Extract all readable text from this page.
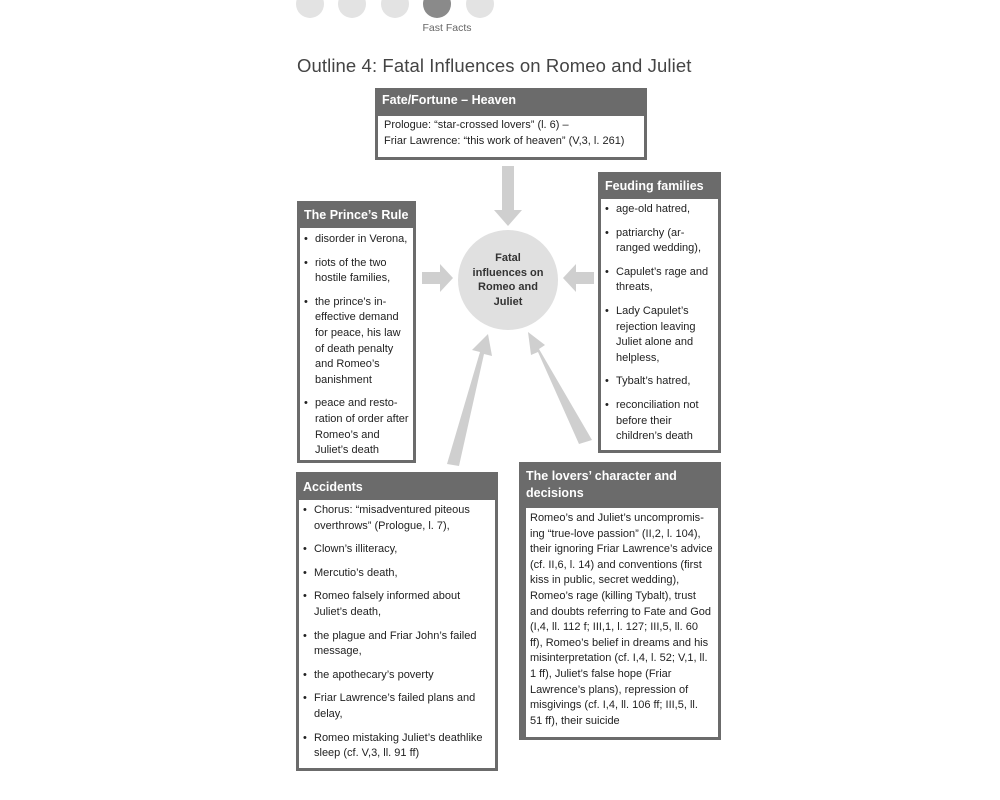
Fast Facts
Outline 4: Fatal Influences on Romeo and Juliet
Fatal
influences on
Romeo and
Juliet
Fate/Fortune – Heaven

Prologue: “star-crossed lovers” (l. 6) –

Friar Lawrence: “this work of heaven” (V,3, l. 261)

The Prince’s Rule
• disorder in Verona,
• riots of the two hostile families,
• the prince’s ineffective demand for peace, his law of death penalty and Romeo’s banishment
• peace and restoration of order after Romeo’s and Juliet’s death
Feuding families
• age-old hatred,
• patriarchy (arranged wedding),
• Capulet’s rage and threats,
• Lady Capulet’s rejection leaving Juliet alone and helpless,
• Tybalt’s hatred,
• reconciliation not before their children’s death
Accidents
• Chorus: “misadventured piteous overthrows” (Prologue, l. 7),
• Clown’s illiteracy,
• Mercutio’s death,
• Romeo falsely informed about Juliet’s death,
• the plague and Friar John’s failed message,
• the apothecary’s poverty
• Friar Lawrence’s failed plans and delay,
• Romeo mistaking Juliet’s deathlike sleep (cf. V,3, ll. 91 ff)
The lovers’ character and decisions

Romeo’s and Juliet’s uncompromising “true-love passion” (II,2, l. 104), their ignoring Friar Lawrence’s advice (cf. II,6, l. 14) and conventions (first kiss in public, secret wedding), Romeo’s rage (killing Tybalt), trust and doubts referring to Fate and God (I,4, ll. 112 f; III,1, l. 127; III,5, ll. 60 ff), Romeo’s belief in dreams and his misinterpretation (cf. I,4, l. 52; V,1, ll. 1 ff), Juliet’s false hope (Friar Lawrence’s plans), repression of misgivings (cf. I,4, ll. 106 ff; III,5, ll. 51 ff), their suicide
